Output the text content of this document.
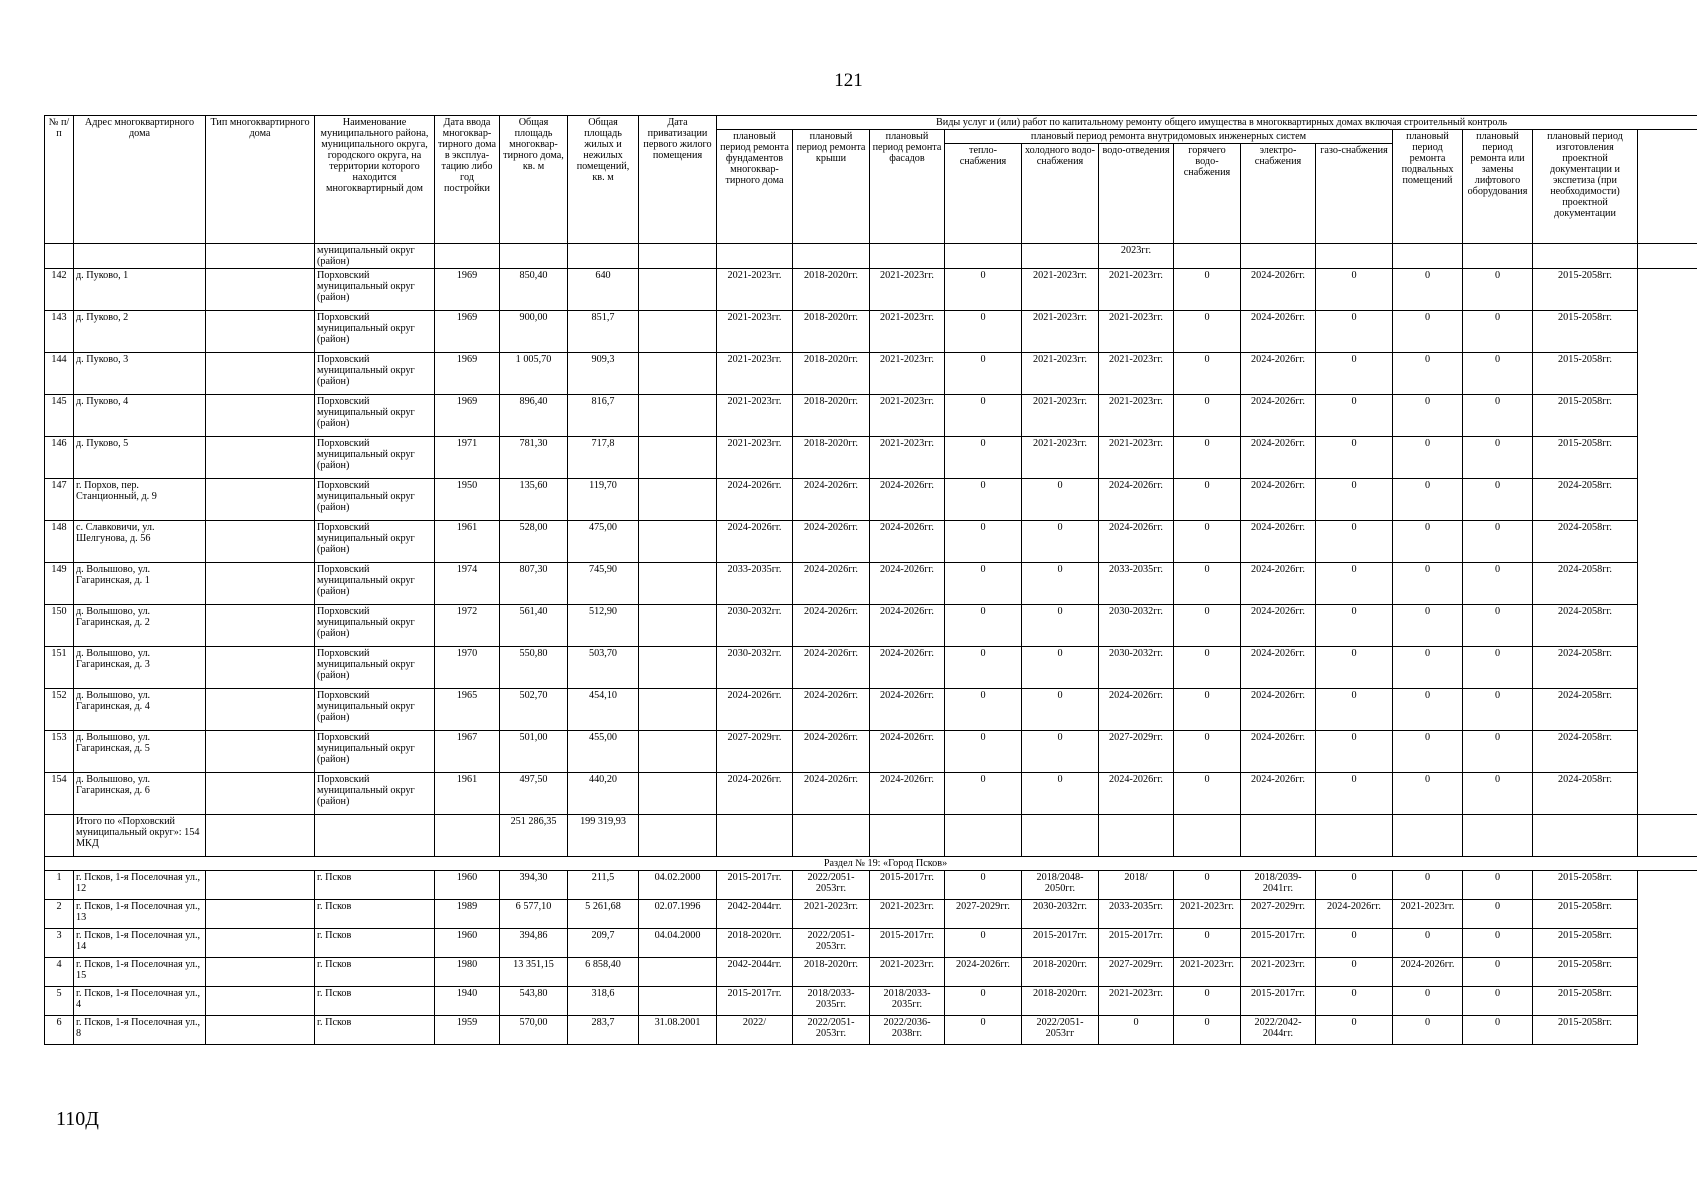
121
№ п/п	Адрес многоквартирного дома	Тип многоквартирного дома	Наименование муниципального района, муниципального округа, городского округа, на территории которого находится многоквартирный дом	Дата ввода многоквар-тирного дома в эксплуа-тацию либо год постройки	Общая площадь многоквар-тирного дома, кв. м	Общая площадь жилых и нежилых помещений, кв. м	Дата приватизации первого жилого помещения	Виды услуг и (или) работ по капитальному ремонту общего имущества в многоквартирных домах включая строительный контроль												
								плановый период ремонта фундаментов многоквар-тирного дома	плановый период ремонта крыши	плановый период ремонта фасадов	плановый период ремонта внутридомовых инженерных систем						плановый период ремонта подвальных помещений	плановый период ремонта или замены лифтового оборудования	плановый период изготовления проектной документации и экспетиза (при необходимости) проектной документации	
											тепло-снабжения	холодного водо-снабжения	водо-отведения	горячего водо-снабжения	электро-снабжения	газо-снабжения				
			муниципальный округ (район)										2023гг.							
142	д. Пуково, 1		Порховский муниципальный округ (район)	1969	850,40	640		2021-2023гг.	2018-2020гг.	2021-2023гг.	0	2021-2023гг.	2021-2023гг.	0	2024-2026гг.	0	0	0	2015-2058гг.	
143	д. Пуково, 2		Порховский муниципальный округ (район)	1969	900,00	851,7		2021-2023гг.	2018-2020гг.	2021-2023гг.	0	2021-2023гг.	2021-2023гг.	0	2024-2026гг.	0	0	0	2015-2058гг.	
144	д. Пуково, 3		Порховский муниципальный округ (район)	1969	1 005,70	909,3		2021-2023гг.	2018-2020гг.	2021-2023гг.	0	2021-2023гг.	2021-2023гг.	0	2024-2026гг.	0	0	0	2015-2058гг.	
145	д. Пуково, 4		Порховский муниципальный округ (район)	1969	896,40	816,7		2021-2023гг.	2018-2020гг.	2021-2023гг.	0	2021-2023гг.	2021-2023гг.	0	2024-2026гг.	0	0	0	2015-2058гг.	
146	д. Пуково, 5		Порховский муниципальный округ (район)	1971	781,30	717,8		2021-2023гг.	2018-2020гг.	2021-2023гг.	0	2021-2023гг.	2021-2023гг.	0	2024-2026гг.	0	0	0	2015-2058гг.	
147	г. Порхов, пер. Станционный, д. 9		Порховский муниципальный округ (район)	1950	135,60	119,70		2024-2026гг.	2024-2026гг.	2024-2026гг.	0	0	2024-2026гг.	0	2024-2026гг.	0	0	0	2024-2058гг.	
148	с. Славковичи, ул. Шелгунова, д. 56		Порховский муниципальный округ (район)	1961	528,00	475,00		2024-2026гг.	2024-2026гг.	2024-2026гг.	0	0	2024-2026гг.	0	2024-2026гг.	0	0	0	2024-2058гг.	
149	д. Волышово, ул. Гагаринская, д. 1		Порховский муниципальный округ (район)	1974	807,30	745,90		2033-2035гг.	2024-2026гг.	2024-2026гг.	0	0	2033-2035гг.	0	2024-2026гг.	0	0	0	2024-2058гг.	
150	д. Волышово, ул. Гагаринская, д. 2		Порховский муниципальный округ (район)	1972	561,40	512,90		2030-2032гг.	2024-2026гг.	2024-2026гг.	0	0	2030-2032гг.	0	2024-2026гг.	0	0	0	2024-2058гг.	
151	д. Волышово, ул. Гагаринская, д. 3		Порховский муниципальный округ (район)	1970	550,80	503,70		2030-2032гг.	2024-2026гг.	2024-2026гг.	0	0	2030-2032гг.	0	2024-2026гг.	0	0	0	2024-2058гг.	
152	д. Волышово, ул. Гагаринская, д. 4		Порховский муниципальный округ (район)	1965	502,70	454,10		2024-2026гг.	2024-2026гг.	2024-2026гг.	0	0	2024-2026гг.	0	2024-2026гг.	0	0	0	2024-2058гг.	
153	д. Волышово, ул. Гагаринская, д. 5		Порховский муниципальный округ (район)	1967	501,00	455,00		2027-2029гг.	2024-2026гг.	2024-2026гг.	0	0	2027-2029гг.	0	2024-2026гг.	0	0	0	2024-2058гг.	
154	д. Волышово, ул. Гагаринская, д. 6		Порховский муниципальный округ (район)	1961	497,50	440,20		2024-2026гг.	2024-2026гг.	2024-2026гг.	0	0	2024-2026гг.	0	2024-2026гг.	0	0	0	2024-2058гг.	
	Итого по «Порховский муниципальный округ»: 154 МКД				251 286,35	199 319,93														
Раздел № 19: «Город Псков»																				
1	г. Псков, 1-я Поселочная ул., 12		г. Псков	1960	394,30	211,5	04.02.2000	2015-2017гг.	2022/2051-2053гг.	2015-2017гг.	0	2018/2048-2050гг.	2018/	0	2018/2039-2041гг.	0	0	0	2015-2058гг.	
2	г. Псков, 1-я Поселочная ул., 13		г. Псков	1989	6 577,10	5 261,68	02.07.1996	2042-2044гг.	2021-2023гг.	2021-2023гг.	2027-2029гг.	2030-2032гг.	2033-2035гг.	2021-2023гг.	2027-2029гг.	2024-2026гг.	2021-2023гг.	0	2015-2058гг.	
3	г. Псков, 1-я Поселочная ул., 14		г. Псков	1960	394,86	209,7	04.04.2000	2018-2020гг.	2022/2051-2053гг.	2015-2017гг.	0	2015-2017гг.	2015-2017гг.	0	2015-2017гг.	0	0	0	2015-2058гг.	
4	г. Псков, 1-я Поселочная ул., 15		г. Псков	1980	13 351,15	6 858,40		2042-2044гг.	2018-2020гг.	2021-2023гг.	2024-2026гг.	2018-2020гг.	2027-2029гг.	2021-2023гг.	2021-2023гг.	0	2024-2026гг.	0	2015-2058гг.	
5	г. Псков, 1-я Поселочная ул., 4		г. Псков	1940	543,80	318,6		2015-2017гг.	2018/2033-2035гг.	2018/2033-2035гг.	0	2018-2020гг.	2021-2023гг.	0	2015-2017гг.	0	0	0	2015-2058гг.	
6	г. Псков, 1-я Поселочная ул., 8		г. Псков	1959	570,00	283,7	31.08.2001	2022/	2022/2051-2053гг.	2022/2036-2038гг.	0	2022/2051-2053гг	0	0	2022/2042-2044гг.	0	0	0	2015-2058гг.	
110Д
